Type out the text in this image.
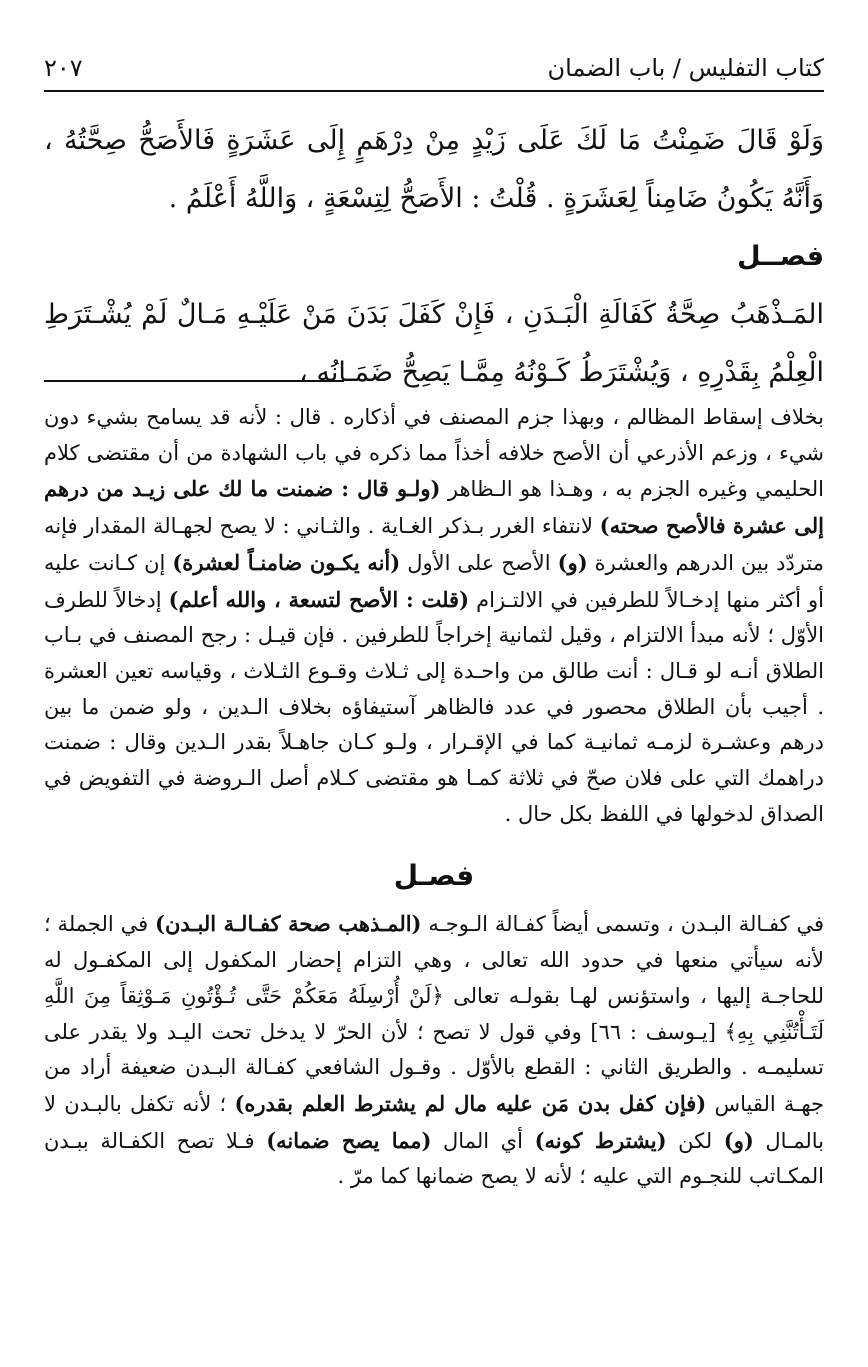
كتاب التفليس / باب الضمان
٢٠٧

وَلَوْ قَالَ ضَمِنْتُ مَا لَكَ عَلَى زَيْدٍ مِنْ دِرْهَمٍ إِلَى عَشَرَةٍ فَالأَصَحُّ صِحَّتُهُ ، وَأَنَّهُ يَكُونُ ضَامِناً لِعَشَرَةٍ . قُلْتُ : الأَصَحُّ لِتِسْعَةٍ ، وَاللَّهُ أَعْلَمُ .

فصــل

المَـذْهَبُ صِحَّةُ كَفَالَةِ الْبَـدَنِ ، فَإِنْ كَفَلَ بَدَنَ مَنْ عَلَيْـهِ مَـالٌ لَمْ يُشْـتَرَطِ الْعِلْمُ بِقَدْرِهِ ، وَيُشْتَرَطُ كَـوْنُهُ مِمَّـا يَصِحُّ ضَمَـانُه ،

بخلاف إسقاط المظالم ، وبهذا جزم المصنف في أذكاره . قال : لأنه قد يسامح بشيء دون شيء ، وزعم الأذرعي أن الأصح خلافه أخذاً مما ذكره في باب الشهادة من أن مقتضى كلام الحليمي وغيره الجزم به ، وهـذا هو الـظاهر (ولـو قال : ضمنت ما لك على زيـد من درهم إلى عشرة فالأصح صحته) لانتفاء الغرر بـذكر الغـاية . والثـاني : لا يصح لجهـالة المقدار فإنه متردّد بين الدرهم والعشرة (و) الأصح على الأول (أنه يكـون ضامنـاً لعشرة) إن كـانت عليه أو أكثر منها إدخـالاً للطرفين في الالتـزام (قلت : الأصح لتسعة ، والله أعلم) إدخالاً للطرف الأوّل ؛ لأنه مبدأ الالتزام ، وقيل لثمانية إخراجاً للطرفين . فإن قيـل : رجح المصنف في بـاب الطلاق أنـه لو قـال : أنت طالق من واحـدة إلى ثـلاث وقـوع الثـلاث ، وقياسه تعين العشرة . أجيب بأن الطلاق محصور في عدد فالظاهر آستيفاؤه بخلاف الـدين ، ولو ضمن ما بين درهم وعشـرة لزمـه ثمانيـة كما في الإقـرار ، ولـو كـان جاهـلاً بقدر الـدين وقال : ضمنت دراهمك التي على فلان صحّ في ثلاثة كمـا هو مقتضى كـلام أصل الـروضة في التفويض في الصداق لدخولها في اللفظ بكل حال .

فصـل

في كفـالة البـدن ، وتسمى أيضاً كفـالة الـوجـه (المـذهب صحة كفـالـة البـدن) في الجملة ؛ لأنه سيأتي منعها في حدود الله تعالى ، وهي التزام إحضار المكفول إلى المكفـول له للحاجـة إليها ، واستؤنس لهـا بقولـه تعالى ﴿لَنْ أُرْسِلَهُ مَعَكُمْ حَتَّى تُـؤْتُونِ مَـوْثِقاً مِنَ اللَّهِ لَتَـأْتُنَّنِي بِهِ﴾ [يـوسف : ٦٦] وفي قول لا تصح ؛ لأن الحرّ لا يدخل تحت اليـد ولا يقدر على تسليمـه . والطريق الثاني : القطع بالأوّل . وقـول الشافعي كفـالة البـدن ضعيفة أراد من جهـة القياس (فإن كفل بدن مَن عليه مال لم يشترط العلم بقدره) ؛ لأنه تكفل بالبـدن لا بالمـال (و) لكن (يشترط كونه) أي المال (مما يصح ضمانه) فـلا تصح الكفـالة ببـدن المكـاتب للنجـوم التي عليه ؛ لأنه لا يصح ضمانها كما مرّ .
